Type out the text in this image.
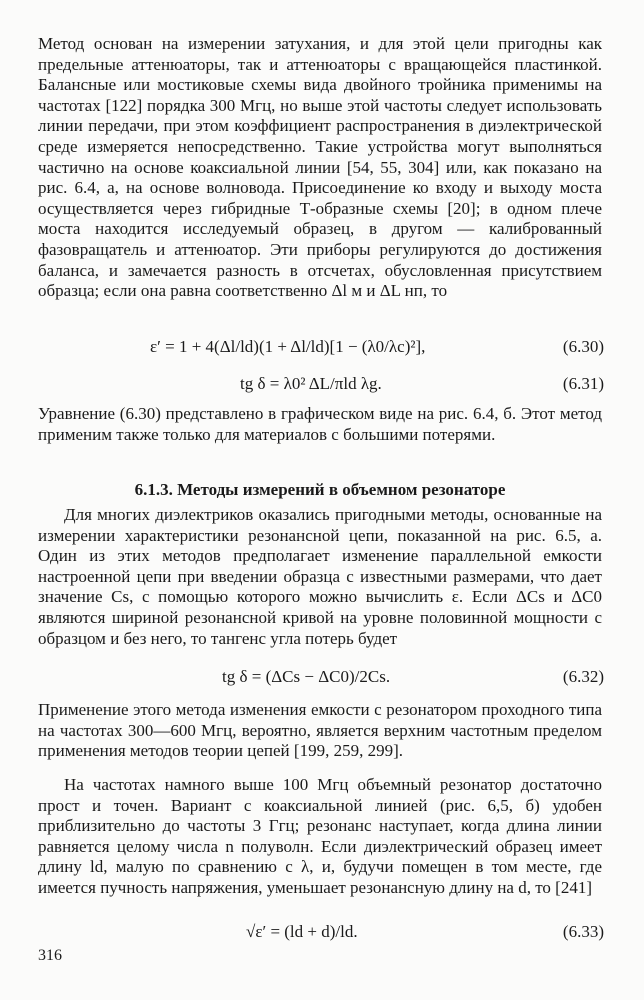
Метод основан на измерении затухания, и для этой цели пригодны как предельные аттенюаторы, так и аттенюаторы с вращающейся пластинкой. Балансные или мостиковые схемы вида двойного тройника применимы на частотах [122] порядка 300 Мгц, но выше этой частоты следует использовать линии передачи, при этом коэффициент распространения в диэлектрической среде измеряется непосредственно. Такие устройства могут выполняться частично на основе коаксиальной линии [54, 55, 304] или, как показано на рис. 6.4, а, на основе волновода. Присоединение ко входу и выходу моста осуществляется через гибридные Т-образные схемы [20]; в одном плече моста находится исследуемый образец, в другом — калиброванный фазовращатель и аттенюатор. Эти приборы регулируются до достижения баланса, и замечается разность в отсчетах, обусловленная присутствием образца; если она равна соответственно Δl м и ΔL нп, то

ε′ = 1 + 4(Δl/ld)(1 + Δl/ld)[1 − (λ0/λc)²],	(6.30)
tg δ = λ0² ΔL/πld λg.	(6.31)

Уравнение (6.30) представлено в графическом виде на рис. 6.4, б. Этот метод применим также только для материалов с большими потерями.

6.1.3. Методы измерений в объемном резонаторе

Для многих диэлектриков оказались пригодными методы, основанные на измерении характеристики резонансной цепи, показанной на рис. 6.5, а. Один из этих методов предполагает изменение параллельной емкости настроенной цепи при введении образца с известными размерами, что дает значение Cs, с помощью которого можно вычислить ε. Если ΔCs и ΔC0 являются шириной резонансной кривой на уровне половинной мощности с образцом и без него, то тангенс угла потерь будет

tg δ = (ΔCs − ΔC0)/2Cs.	(6.32)

Применение этого метода изменения емкости с резонатором проходного типа на частотах 300—600 Мгц, вероятно, является верхним частотным пределом применения методов теории цепей [199, 259, 299].

На частотах намного выше 100 Мгц объемный резонатор достаточно прост и точен. Вариант с коаксиальной линией (рис. 6,5, б) удобен приблизительно до частоты 3 Ггц; резонанс наступает, когда длина линии равняется целому числа n полуволн. Если диэлектрический образец имеет длину ld, малую по сравнению с λ, и, будучи помещен в том месте, где имеется пучность напряжения, уменьшает резонансную длину на d, то [241]

√ε′ = (ld + d)/ld.	(6.33)
316
